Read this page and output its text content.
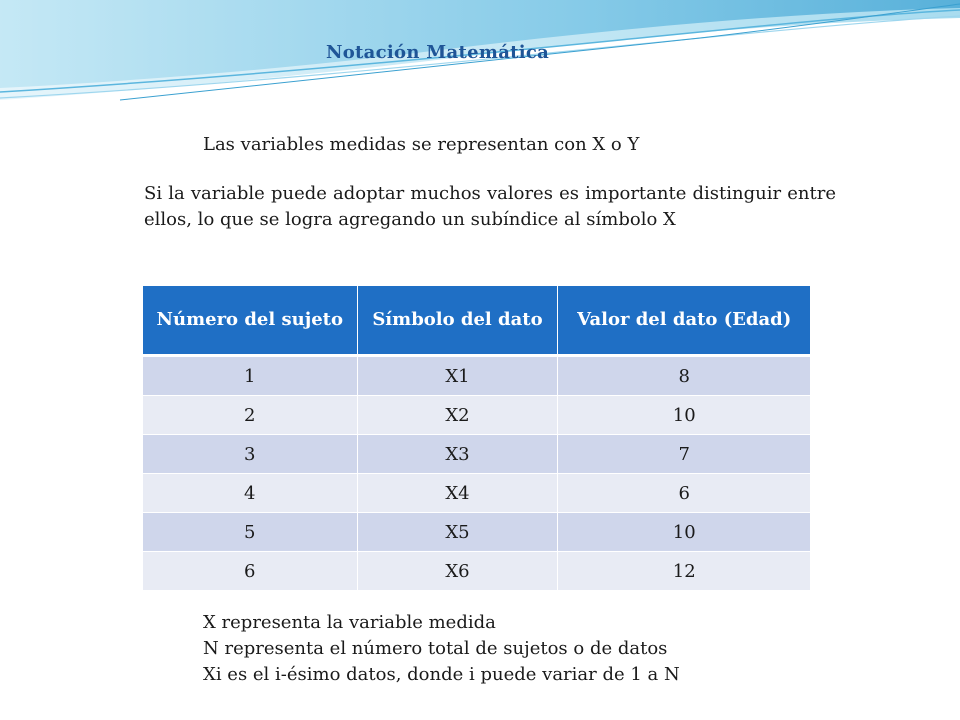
Notación Matemática
Las variables medidas se representan con X o Y
Si la variable puede adoptar muchos valores es importante distinguir entre ellos, lo que se logra agregando un subíndice al símbolo X
Número del sujeto	Símbolo del dato	Valor del dato (Edad)
1	X1	8
2	X2	10
3	X3	7
4	X4	6
5	X5	10
6	X6	12
X representa la variable medida
N representa el número total de sujetos o de datos
Xi es el i-ésimo datos, donde i puede variar de 1 a N
